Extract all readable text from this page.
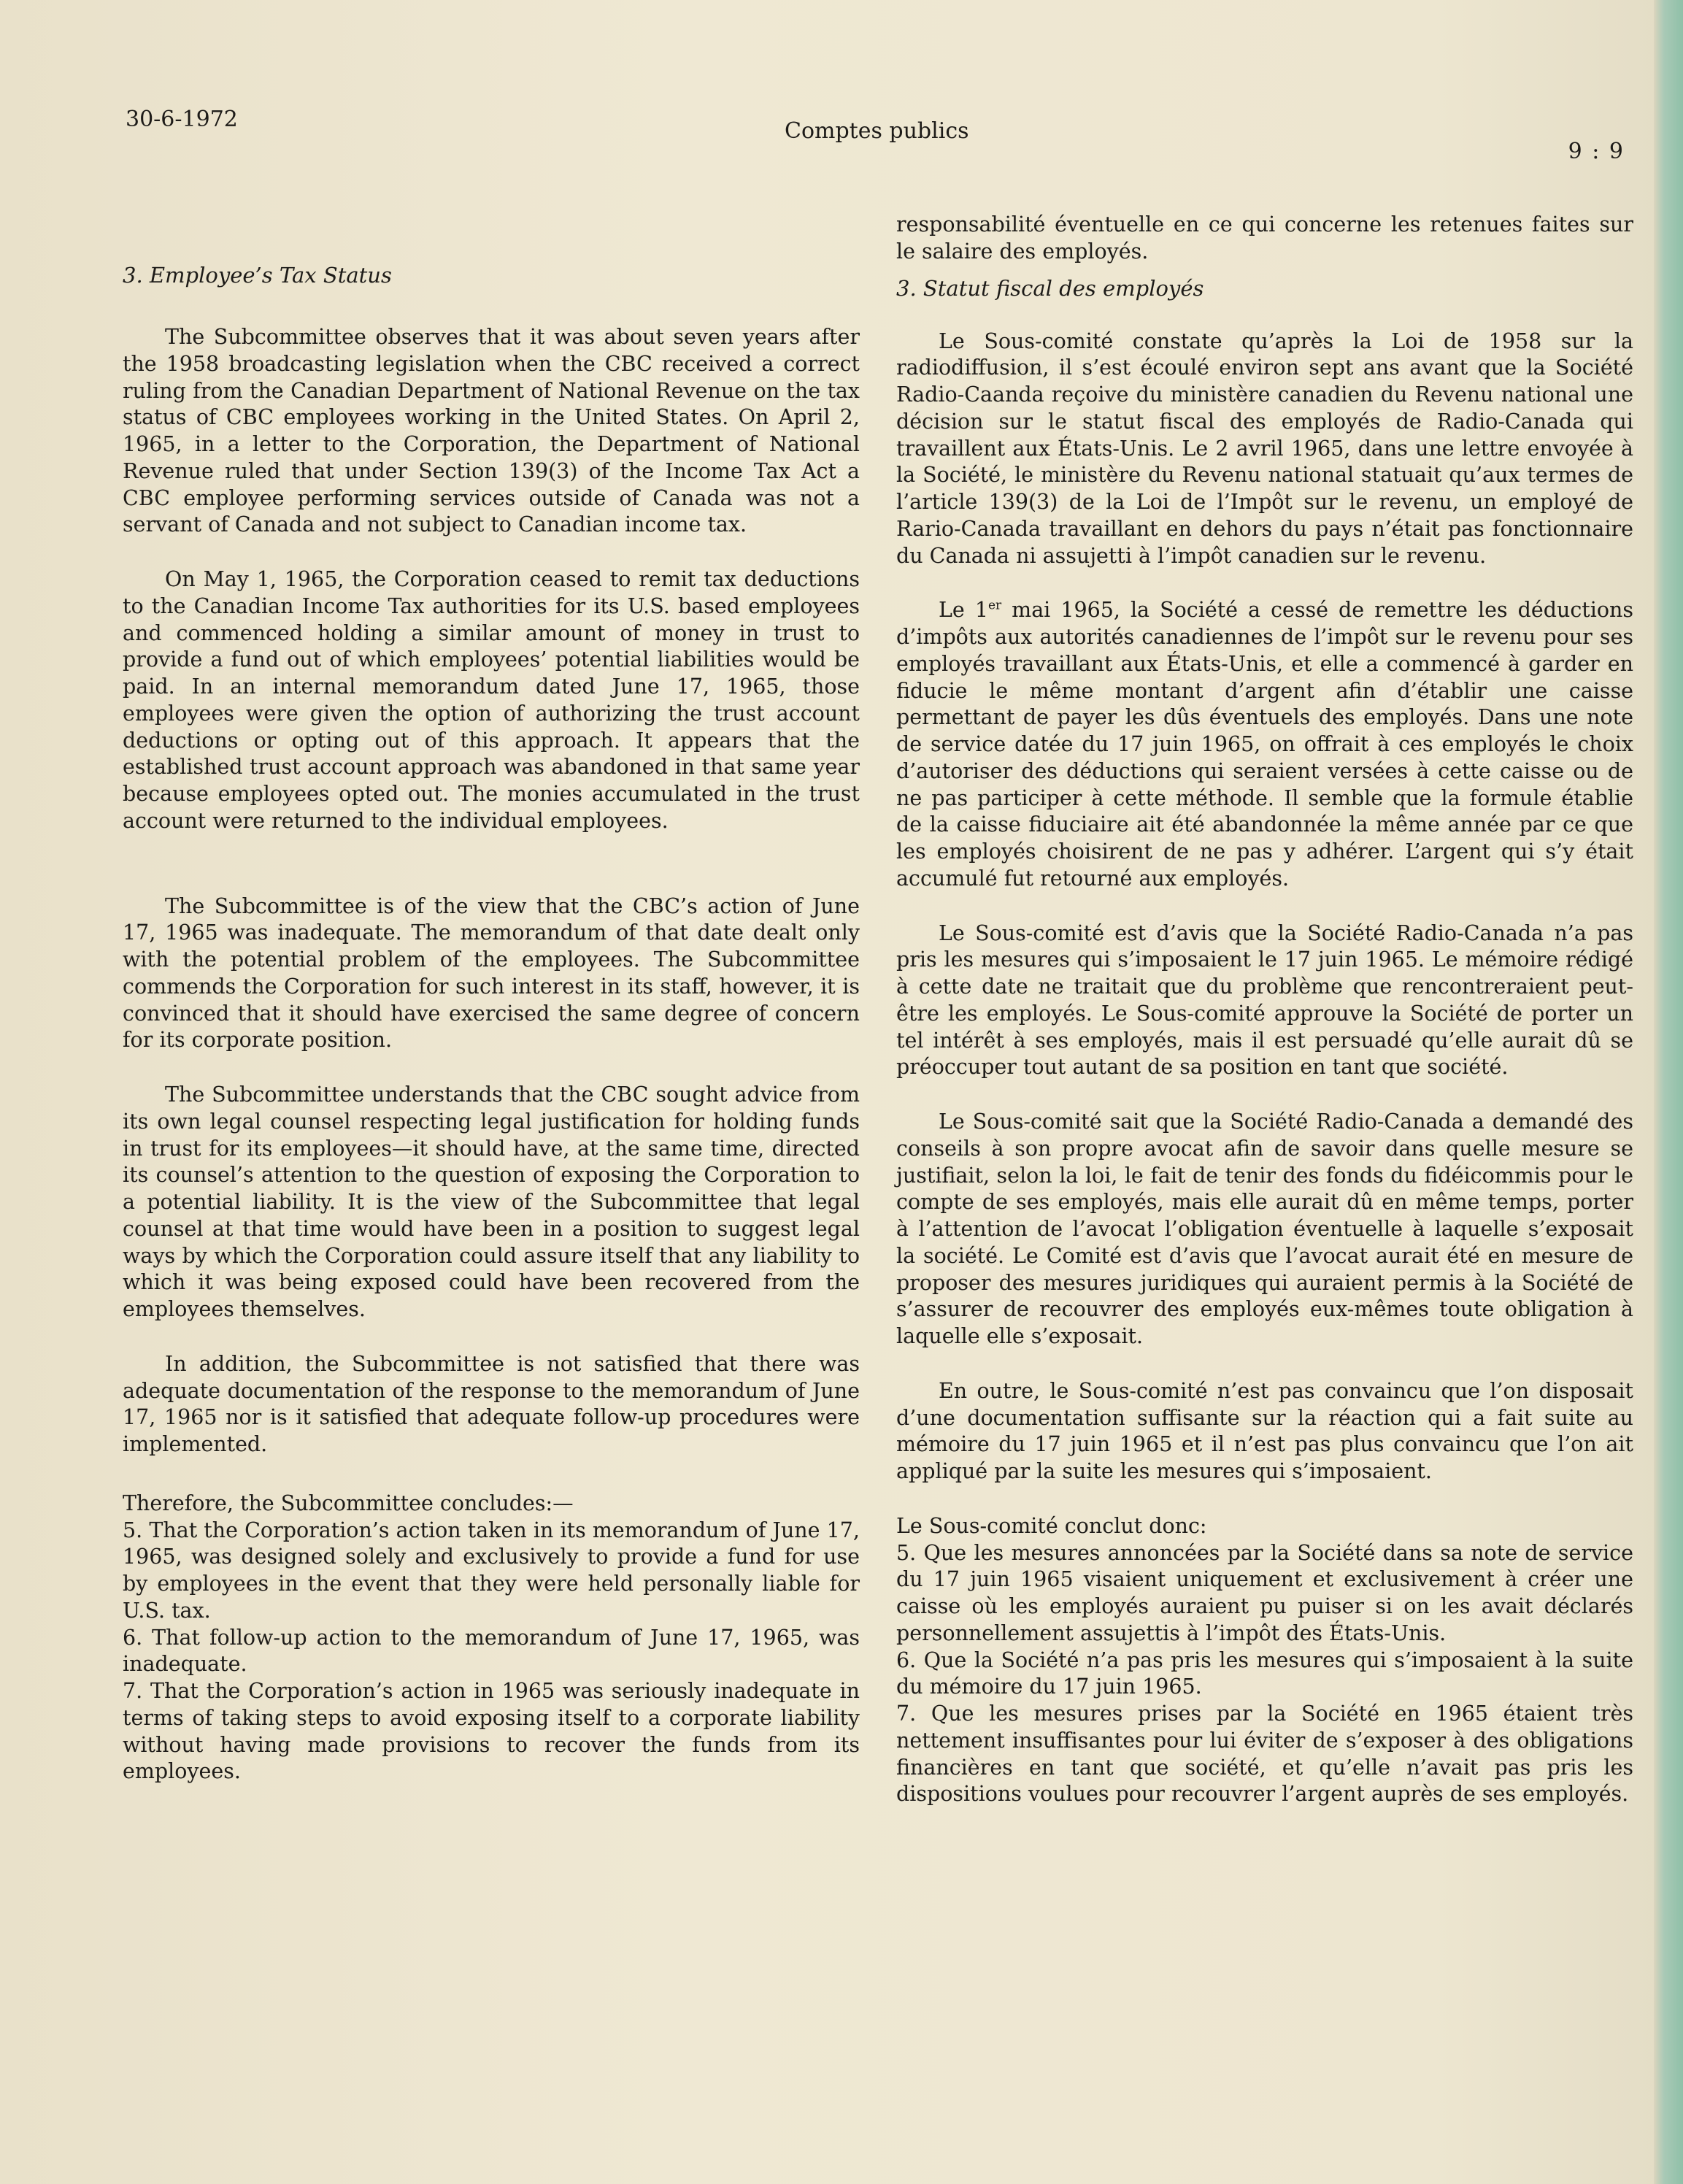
30-6-1972	Comptes publics
9 : 9
3. Employee’s Tax Status

The Subcommittee observes that it was about seven years after the 1958 broadcasting legislation when the CBC received a correct ruling from the Canadian Department of National Revenue on the tax status of CBC employees working in the United States. On April 2, 1965, in a letter to the Corporation, the Department of National Revenue ruled that under Section 139(3) of the Income Tax Act a CBC employee performing services outside of Canada was not a servant of Canada and not subject to Canadian income tax.

On May 1, 1965, the Corporation ceased to remit tax deductions to the Canadian Income Tax authorities for its U.S. based employees and commenced holding a similar amount of money in trust to provide a fund out of which employees’ potential liabilities would be paid. In an internal memorandum dated June 17, 1965, those employees were given the option of authorizing the trust account deductions or opting out of this approach. It appears that the established trust account approach was abandoned in that same year because employees opted out. The monies accumulated in the trust account were returned to the individual employees.

The Subcommittee is of the view that the CBC’s action of June 17, 1965 was inadequate. The memorandum of that date dealt only with the potential problem of the employees. The Subcommittee commends the Corporation for such interest in its staff, however, it is convinced that it should have exercised the same degree of concern for its corporate position.

The Subcommittee understands that the CBC sought advice from its own legal counsel respecting legal justification for holding funds in trust for its employees—it should have, at the same time, directed its counsel’s attention to the question of exposing the Corporation to a potential liability. It is the view of the Subcommittee that legal counsel at that time would have been in a position to suggest legal ways by which the Corporation could assure itself that any liability to which it was being exposed could have been recovered from the employees themselves.

In addition, the Subcommittee is not satisfied that there was adequate documentation of the response to the memorandum of June 17, 1965 nor is it satisfied that adequate follow-up procedures were implemented.

Therefore, the Subcommittee concludes:—

5. That the Corporation’s action taken in its memorandum of June 17, 1965, was designed solely and exclusively to provide a fund for use by employees in the event that they were held personally liable for U.S. tax.

6. That follow-up action to the memorandum of June 17, 1965, was inadequate.

7. That the Corporation’s action in 1965 was seriously inadequate in terms of taking steps to avoid exposing itself to a corporate liability without having made provisions to recover the funds from its employees.

responsabilité éventuelle en ce qui concerne les retenues faites sur le salaire des employés.

3. Statut fiscal des employés

Le Sous-comité constate qu’après la Loi de 1958 sur la radiodiffusion, il s’est écoulé environ sept ans avant que la Société Radio-Caanda reçoive du ministère canadien du Revenu national une décision sur le statut fiscal des employés de Radio-Canada qui travaillent aux États-Unis. Le 2 avril 1965, dans une lettre envoyée à la Société, le ministère du Revenu national statuait qu’aux termes de l’article 139(3) de la Loi de l’Impôt sur le revenu, un employé de Rario-Canada travaillant en dehors du pays n’était pas fonctionnaire du Canada ni assujetti à l’impôt canadien sur le revenu.

Le 1er mai 1965, la Société a cessé de remettre les déductions d’impôts aux autorités canadiennes de l’impôt sur le revenu pour ses employés travaillant aux États-Unis, et elle a commencé à garder en fiducie le même montant d’argent afin d’établir une caisse permettant de payer les dûs éventuels des employés. Dans une note de service datée du 17 juin 1965, on offrait à ces employés le choix d’autoriser des déductions qui seraient versées à cette caisse ou de ne pas participer à cette méthode. Il semble que la formule établie de la caisse fiduciaire ait été abandonnée la même année par ce que les employés choisirent de ne pas y adhérer. L’argent qui s’y était accumulé fut retourné aux employés.

Le Sous-comité est d’avis que la Société Radio-Canada n’a pas pris les mesures qui s’imposaient le 17 juin 1965. Le mémoire rédigé à cette date ne traitait que du problème que rencontreraient peut-être les employés. Le Sous-comité approuve la Société de porter un tel intérêt à ses employés, mais il est persuadé qu’elle aurait dû se préoccuper tout autant de sa position en tant que société.

Le Sous-comité sait que la Société Radio-Canada a demandé des conseils à son propre avocat afin de savoir dans quelle mesure se justifiait, selon la loi, le fait de tenir des fonds du fidéicommis pour le compte de ses employés, mais elle aurait dû en même temps, porter à l’attention de l’avocat l’obligation éventuelle à laquelle s’exposait la société. Le Comité est d’avis que l’avocat aurait été en mesure de proposer des mesures juridiques qui auraient permis à la Société de s’assurer de recouvrer des employés eux-mêmes toute obligation à laquelle elle s’exposait.

En outre, le Sous-comité n’est pas convaincu que l’on disposait d’une documentation suffisante sur la réaction qui a fait suite au mémoire du 17 juin 1965 et il n’est pas plus convaincu que l’on ait appliqué par la suite les mesures qui s’imposaient.

Le Sous-comité conclut donc:

5. Que les mesures annoncées par la Société dans sa note de service du 17 juin 1965 visaient uniquement et exclusivement à créer une caisse où les employés auraient pu puiser si on les avait déclarés personnellement assujettis à l’impôt des États-Unis.

6. Que la Société n’a pas pris les mesures qui s’imposaient à la suite du mémoire du 17 juin 1965.

7. Que les mesures prises par la Société en 1965 étaient très nettement insuffisantes pour lui éviter de s’exposer à des obligations financières en tant que société, et qu’elle n’avait pas pris les dispositions voulues pour recouvrer l’argent auprès de ses employés.
